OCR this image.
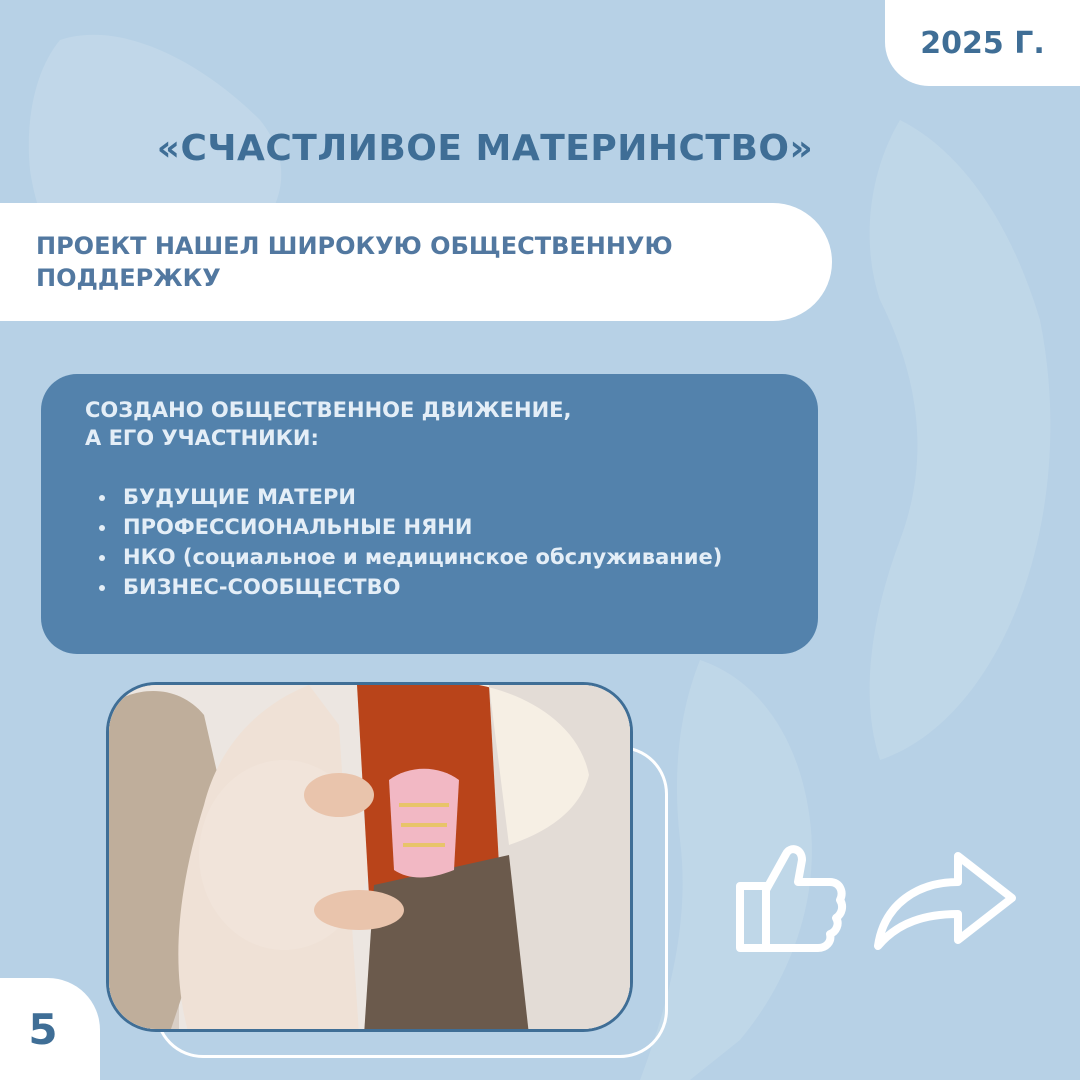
2025 Г.
«СЧАСТЛИВОЕ МАТЕРИНСТВО»

ПРОЕКТ НАШЕЛ ШИРОКУЮ ОБЩЕСТВЕННУЮ ПОДДЕРЖКУ

СОЗДАНО ОБЩЕСТВЕННОЕ ДВИЖЕНИЕ,
А ЕГО УЧАСТНИКИ:

БУДУЩИЕ МАТЕРИ
ПРОФЕССИОНАЛЬНЫЕ НЯНИ
НКО (социальное и медицинское обслуживание)
БИЗНЕС-СООБЩЕСТВО
5
